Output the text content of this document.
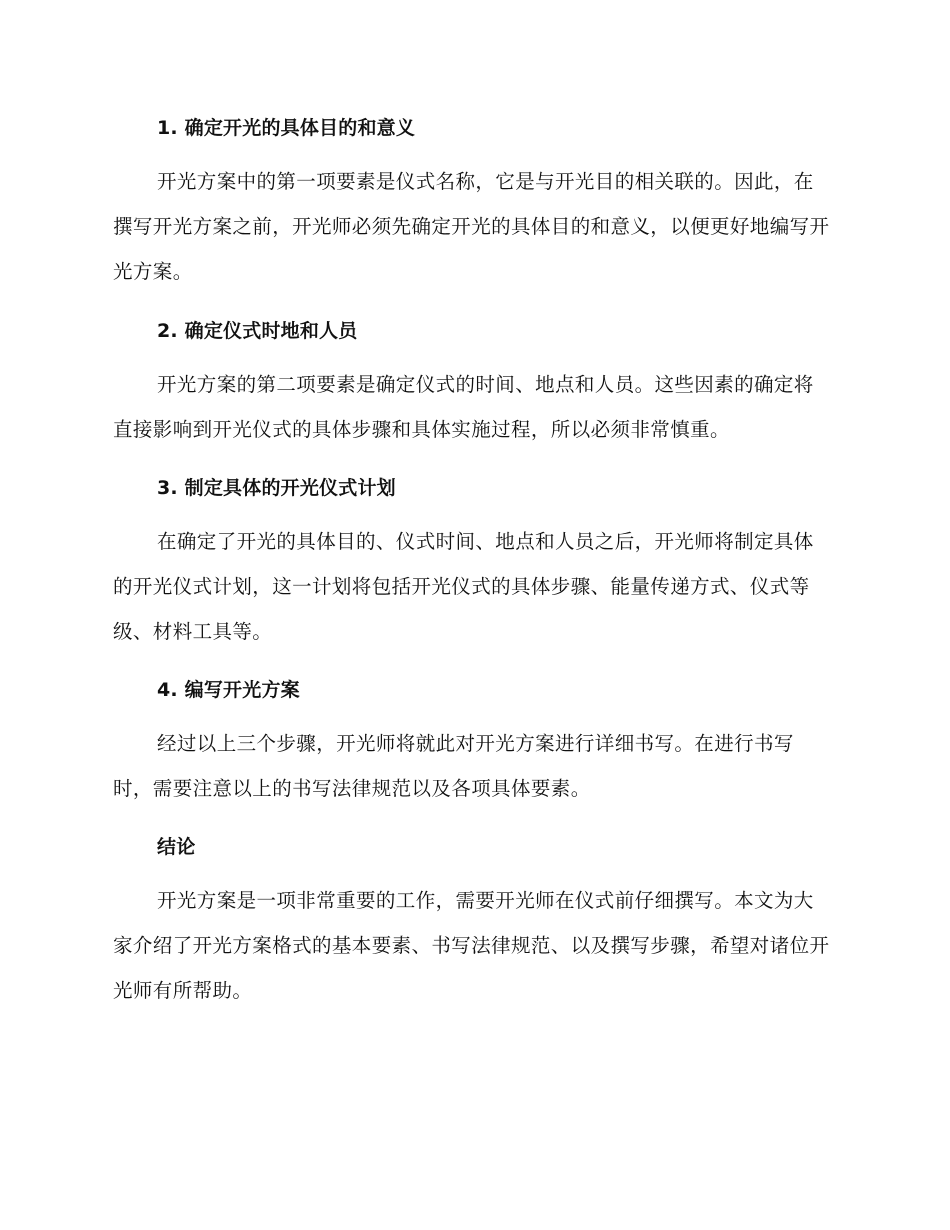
1. 确定开光的具体目的和意义

开光方案中的第一项要素是仪式名称，它是与开光目的相关联的。因此，在撰写开光方案之前，开光师必须先确定开光的具体目的和意义，以便更好地编写开光方案。

2. 确定仪式时地和人员

开光方案的第二项要素是确定仪式的时间、地点和人员。这些因素的确定将直接影响到开光仪式的具体步骤和具体实施过程，所以必须非常慎重。

3. 制定具体的开光仪式计划

在确定了开光的具体目的、仪式时间、地点和人员之后，开光师将制定具体的开光仪式计划，这一计划将包括开光仪式的具体步骤、能量传递方式、仪式等级、材料工具等。

4. 编写开光方案

经过以上三个步骤，开光师将就此对开光方案进行详细书写。在进行书写时，需要注意以上的书写法律规范以及各项具体要素。

结论

开光方案是一项非常重要的工作，需要开光师在仪式前仔细撰写。本文为大家介绍了开光方案格式的基本要素、书写法律规范、以及撰写步骤，希望对诸位开光师有所帮助。
